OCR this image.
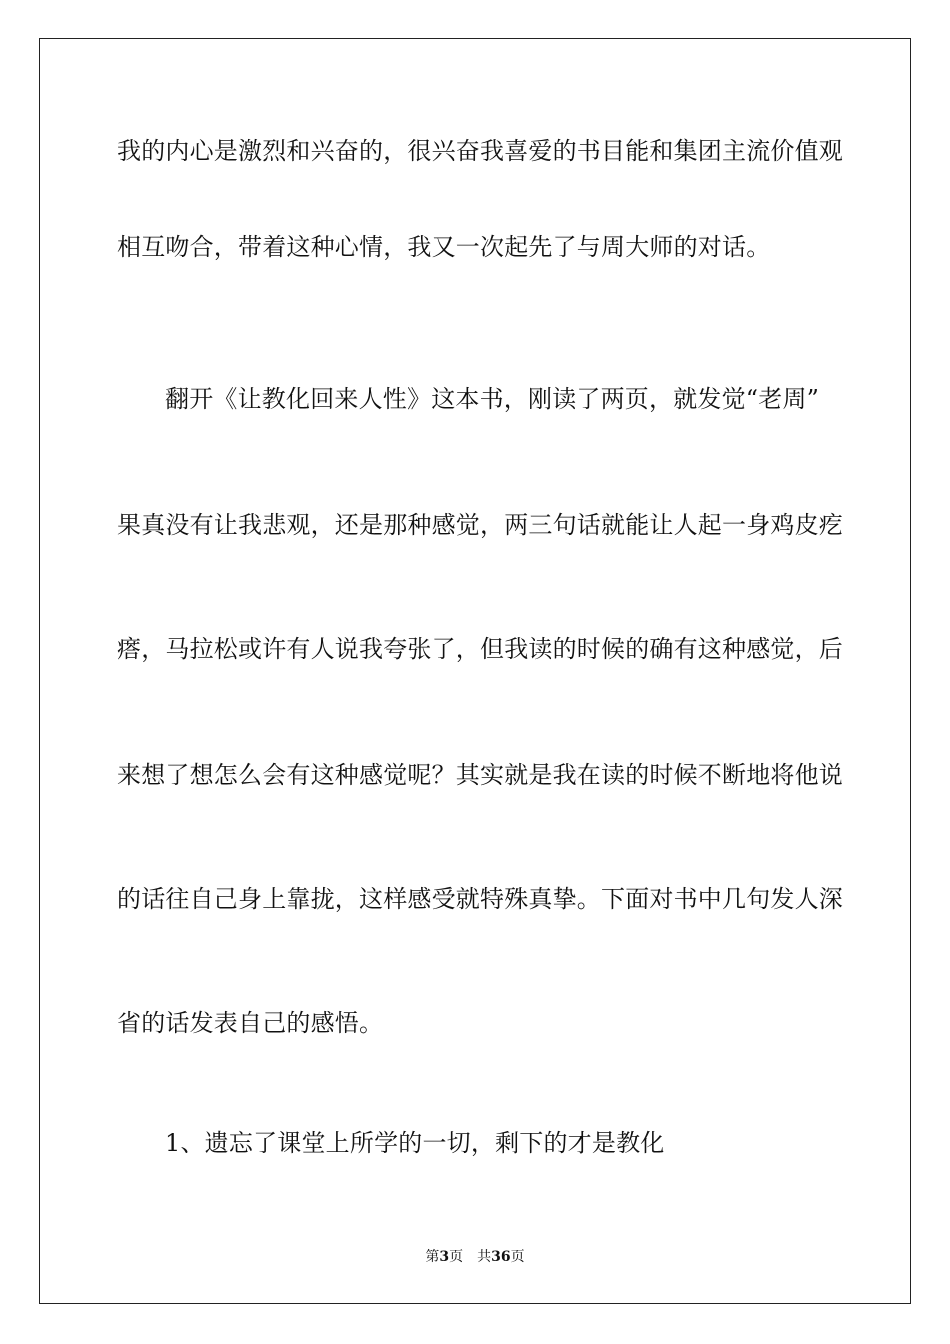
我的内心是激烈和兴奋的，很兴奋我喜爱的书目能和集团主流价值观
相互吻合，带着这种心情，我又一次起先了与周大师的对话。
翻开《让教化回来人性》这本书，刚读了两页，就发觉“老周”
果真没有让我悲观，还是那种感觉，两三句话就能让人起一身鸡皮疙
瘩，马拉松或许有人说我夸张了，但我读的时候的确有这种感觉，后
来想了想怎么会有这种感觉呢？其实就是我在读的时候不断地将他说
的话往自己身上靠拢，这样感受就特殊真挚。下面对书中几句发人深
省的话发表自己的感悟。
1、遗忘了课堂上所学的一切，剩下的才是教化
第3页 共36页
